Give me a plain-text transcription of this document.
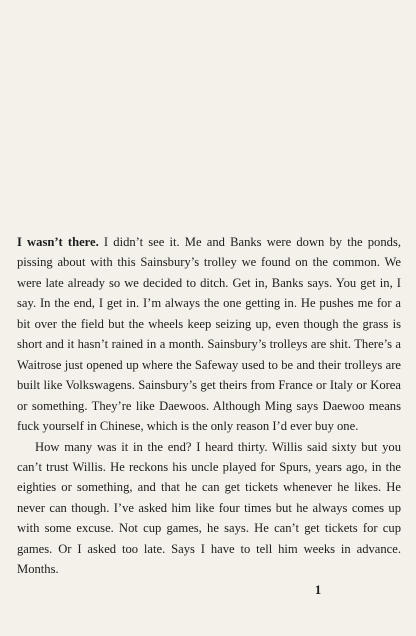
I wasn’t there. I didn’t see it. Me and Banks were down by the ponds, pissing about with this Sainsbury’s trolley we found on the common. We were late already so we decided to ditch. Get in, Banks says. You get in, I say. In the end, I get in. I’m always the one getting in. He pushes me for a bit over the field but the wheels keep seizing up, even though the grass is short and it hasn’t rained in a month. Sainsbury’s trolleys are shit. There’s a Waitrose just opened up where the Safeway used to be and their trolleys are built like Volkswagens. Sainsbury’s get theirs from France or Italy or Korea or something. They’re like Daewoos. Although Ming says Daewoo means fuck yourself in Chinese, which is the only reason I’d ever buy one.

How many was it in the end? I heard thirty. Willis said sixty but you can’t trust Willis. He reckons his uncle played for Spurs, years ago, in the eighties or something, and that he can get tickets whenever he likes. He never can though. I’ve asked him like four times but he always comes up with some excuse. Not cup games, he says. He can’t get tickets for cup games. Or I asked too late. Says I have to tell him weeks in advance. Months.

1
